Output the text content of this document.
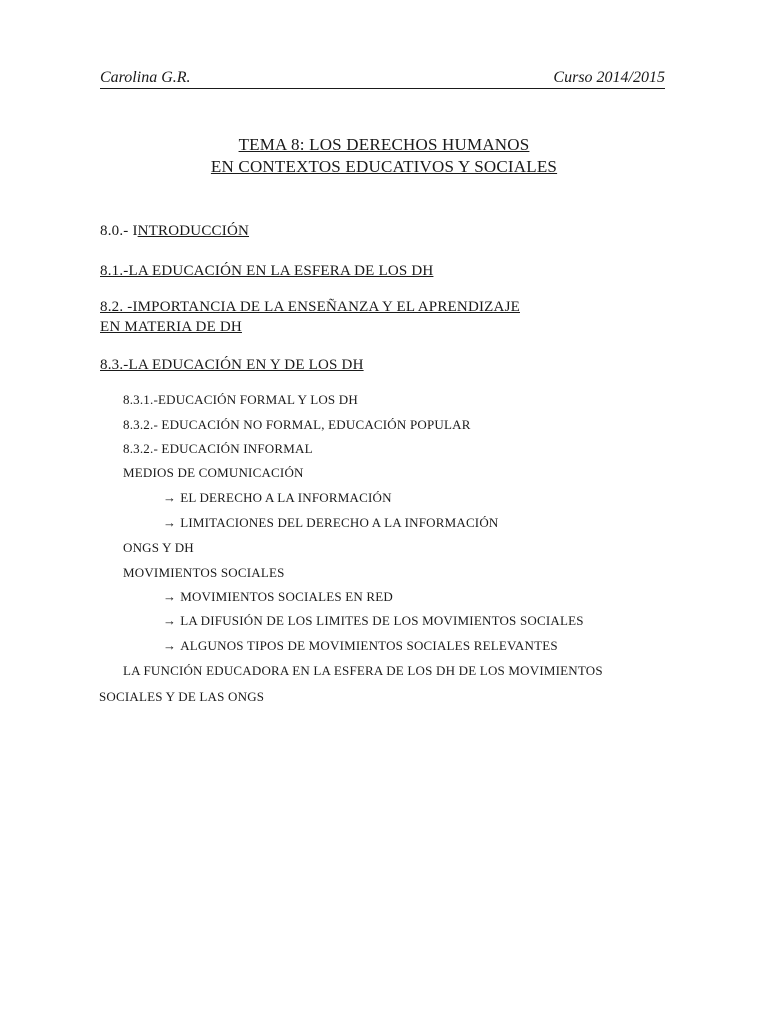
Carolina G.R.	Curso 2014/2015
TEMA 8: LOS DERECHOS HUMANOS
EN CONTEXTOS EDUCATIVOS Y SOCIALES
8.0.- INTRODUCCIÓN
8.1.-LA EDUCACIÓN EN LA ESFERA DE LOS DH
8.2. -IMPORTANCIA DE LA ENSEÑANZA Y EL APRENDIZAJE
EN MATERIA DE DH
8.3.-LA EDUCACIÓN EN Y DE LOS DH
8.3.1.-EDUCACIÓN FORMAL Y LOS DH
8.3.2.- EDUCACIÓN NO FORMAL, EDUCACIÓN POPULAR
8.3.2.- EDUCACIÓN INFORMAL
MEDIOS DE COMUNICACIÓN
→ EL DERECHO A LA INFORMACIÓN
→ LIMITACIONES DEL DERECHO A LA INFORMACIÓN
ONGS Y DH
MOVIMIENTOS SOCIALES
→ MOVIMIENTOS SOCIALES EN RED
→ LA DIFUSIÓN DE LOS LIMITES DE LOS MOVIMIENTOS SOCIALES
→ ALGUNOS TIPOS DE MOVIMIENTOS SOCIALES RELEVANTES
LA FUNCIÓN EDUCADORA EN LA ESFERA DE LOS DH DE LOS MOVIMIENTOS
SOCIALES Y DE LAS ONGS
